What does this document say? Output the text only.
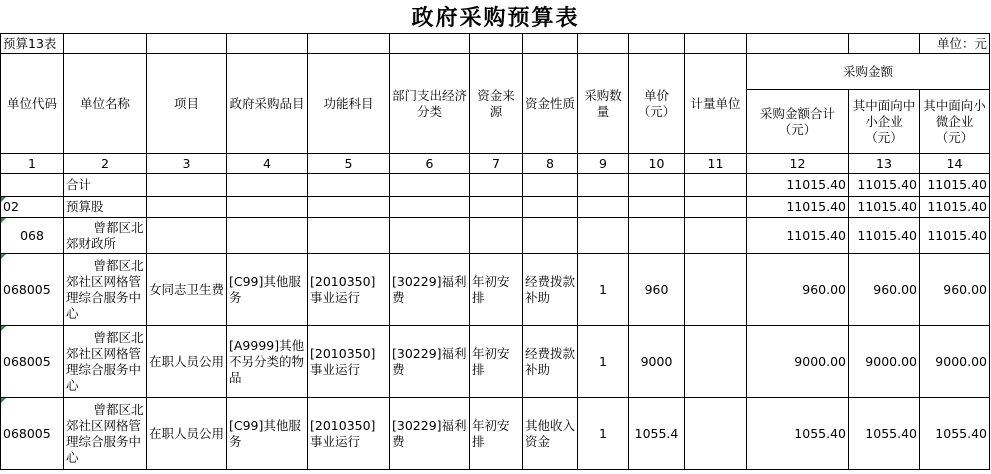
政府采购预算表
预算13表													单位：元
单位代码	单位名称	项目	政府采购品目	功能科目	部门支出经济分类	资金来源	资金性质	采购数量	单价（元）	计量单位	采购金额		
											采购金额合计（元）	其中面向中小企业（元）	其中面向小微企业（元）
1	2	3	4	5	6	7	8	9	10	11	12	13	14
	合计										11015.40	11015.40	11015.40

02	预算股										11015.40	11015.40	11015.40

068	曾都区北郊财政所										11015.40	11015.40	11015.40

068005	曾都区北郊社区网格管理综合服务中心	女同志卫生费	[C99]其他服务	[2010350]事业运行	[30229]福利费	年初安排	经费拨款补助	1	960		960.00	960.00	960.00

068005	曾都区北郊社区网格管理综合服务中心	在职人员公用	[A9999]其他不另分类的物品	[2010350]事业运行	[30229]福利费	年初安排	经费拨款补助	1	9000		9000.00	9000.00	9000.00

068005	曾都区北郊社区网格管理综合服务中心	在职人员公用	[C99]其他服务	[2010350]事业运行	[30229]福利费	年初安排	其他收入资金	1	1055.4		1055.40	1055.40	1055.40
